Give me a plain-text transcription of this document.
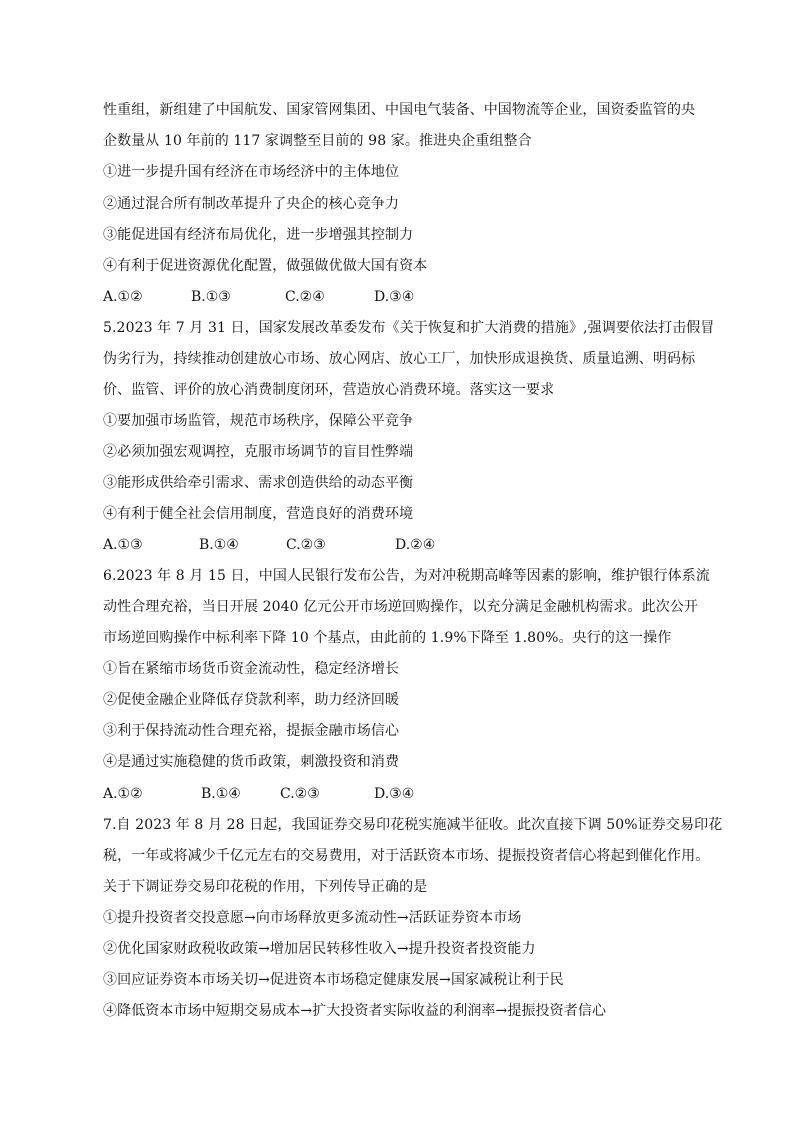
性重组，新组建了中国航发、国家管网集团、中国电气装备、中国物流等企业，国资委监管的央
企数量从 10 年前的 117 家调整至目前的 98 家。推进央企重组整合
①进一步提升国有经济在市场经济中的主体地位
②通过混合所有制改革提升了央企的核心竞争力
③能促进国有经济布局优化，进一步增强其控制力
④有利于促进资源优化配置，做强做优做大国有资本
A.①②	B.①③	C.②④	D.③④
5.2023 年 7 月 31 日，国家发展改革委发布《关于恢复和扩大消费的措施》,强调要依法打击假冒
伪劣行为，持续推动创建放心市场、放心网店、放心工厂，加快形成退换货、质量追溯、明码标
价、监管、评价的放心消费制度闭环，营造放心消费环境。落实这一要求
①要加强市场监管，规范市场秩序，保障公平竞争
②必须加强宏观调控，克服市场调节的盲目性弊端
③能形成供给牵引需求、需求创造供给的动态平衡
④有利于健全社会信用制度，营造良好的消费环境
A.①③	B.①④	C.②③	D.②④
6.2023 年 8 月 15 日，中国人民银行发布公告，为对冲税期高峰等因素的影响，维护银行体系流
动性合理充裕，当日开展 2040 亿元公开市场逆回购操作，以充分满足金融机构需求。此次公开
市场逆回购操作中标利率下降 10 个基点，由此前的 1.9%下降至 1.80%。央行的这一操作
①旨在紧缩市场货币资金流动性，稳定经济增长
②促使金融企业降低存贷款利率，助力经济回暖
③利于保持流动性合理充裕，提振金融市场信心
④是通过实施稳健的货币政策，刺激投资和消费
A.①②	B.①④	C.②③	D.③④
7.自 2023 年 8 月 28 日起，我国证券交易印花税实施减半征收。此次直接下调 50%证券交易印花
税，一年或将减少千亿元左右的交易费用，对于活跃资本市场、提振投资者信心将起到催化作用。
关于下调证券交易印花税的作用，下列传导正确的是
①提升投资者交投意愿→向市场释放更多流动性→活跃证券资本市场
②优化国家财政税收政策→增加居民转移性收入→提升投资者投资能力
③回应证券资本市场关切→促进资本市场稳定健康发展→国家减税让利于民
④降低资本市场中短期交易成本→扩大投资者实际收益的利润率→提振投资者信心
